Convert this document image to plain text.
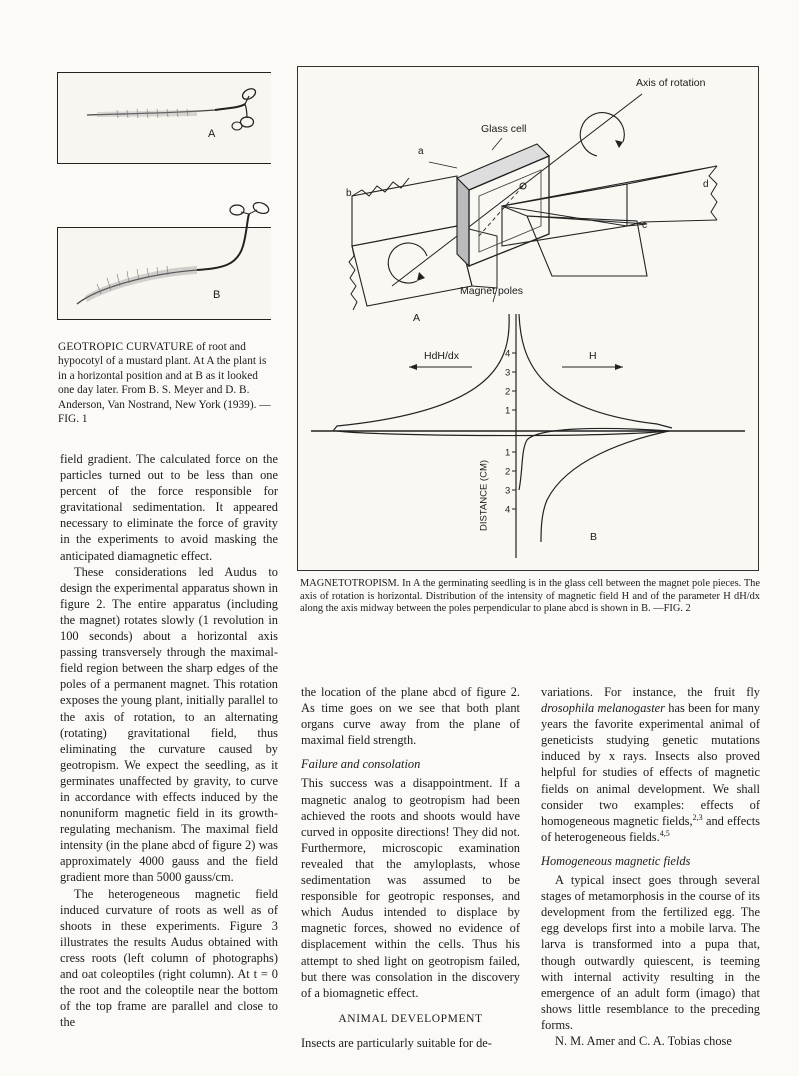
A
B
GEOTROPIC CURVATURE of root and hypocotyl of a mustard plant. At A the plant is in a horizontal position and at B as it looked one day later. From B. S. Meyer and D. B. Anderson, Van Nostrand, New York (1939). —FIG. 1
Axis of rotation
Glass cell
Magnet poles
a
b
c
d
A
1
2
3
4
1
2
3
4
HdH/dx	H
DISTANCE (CM)
B
MAGNETOTROPISM. In A the germinating seedling is in the glass cell between the magnet pole pieces. The axis of rotation is horizontal. Distribution of the intensity of magnetic field H and of the parameter H dH/dx along the axis midway between the poles perpendicular to plane abcd is shown in B. —FIG. 2

field gradient. The calculated force on the particles turned out to be less than one percent of the force responsible for gravitational sedimentation. It appeared necessary to eliminate the force of gravity in the experiments to avoid masking the anticipated diamagnetic effect.

These considerations led Audus to design the experimental apparatus shown in figure 2. The entire apparatus (including the magnet) rotates slowly (1 revolution in 100 seconds) about a horizontal axis passing transversely through the maximal-field region between the sharp edges of the poles of a permanent magnet. This rotation exposes the young plant, initially parallel to the axis of rotation, to an alternating (rotating) gravitational field, thus eliminating the curvature caused by geotropism. We expect the seedling, as it germinates unaffected by gravity, to curve in accordance with effects induced by the nonuniform magnetic field in its growth-regulating mechanism. The maximal field intensity (in the plane abcd of figure 2) was approximately 4000 gauss and the field gradient more than 5000 gauss/cm.

The heterogeneous magnetic field induced curvature of roots as well as of shoots in these experiments. Figure 3 illustrates the results Audus obtained with cress roots (left column of photographs) and oat coleoptiles (right column). At t = 0 the root and the coleoptile near the bottom of the top frame are parallel and close to the

the location of the plane abcd of figure 2. As time goes on we see that both plant organs curve away from the plane of maximal field strength.

Failure and consolation

This success was a disappointment. If a magnetic analog to geotropism had been achieved the roots and shoots would have curved in opposite directions! They did not. Furthermore, microscopic examination revealed that the amyloplasts, whose sedimentation was assumed to be responsible for geotropic responses, and which Audus intended to displace by magnetic forces, showed no evidence of displacement within the cells. Thus his attempt to shed light on geotropism failed, but there was consolation in the discovery of a biomagnetic effect.

ANIMAL DEVELOPMENT

Insects are particularly suitable for de-

variations. For instance, the fruit fly drosophila melanogaster has been for many years the favorite experimental animal of geneticists studying genetic mutations induced by x rays. Insects also proved helpful for studies of effects of magnetic fields on animal development. We shall consider two examples: effects of homogeneous magnetic fields,$^{2,3}$ and effects of heterogeneous fields.$^{4,5}$

Homogeneous magnetic fields

A typical insect goes through several stages of metamorphosis in the course of its development from the fertilized egg. The egg develops first into a mobile larva. The larva is transformed into a pupa that, though outwardly quiescent, is teeming with internal activity resulting in the emergence of an adult form (imago) that shows little resemblance to the preceding forms.

N. M. Amer and C. A. Tobias chose
